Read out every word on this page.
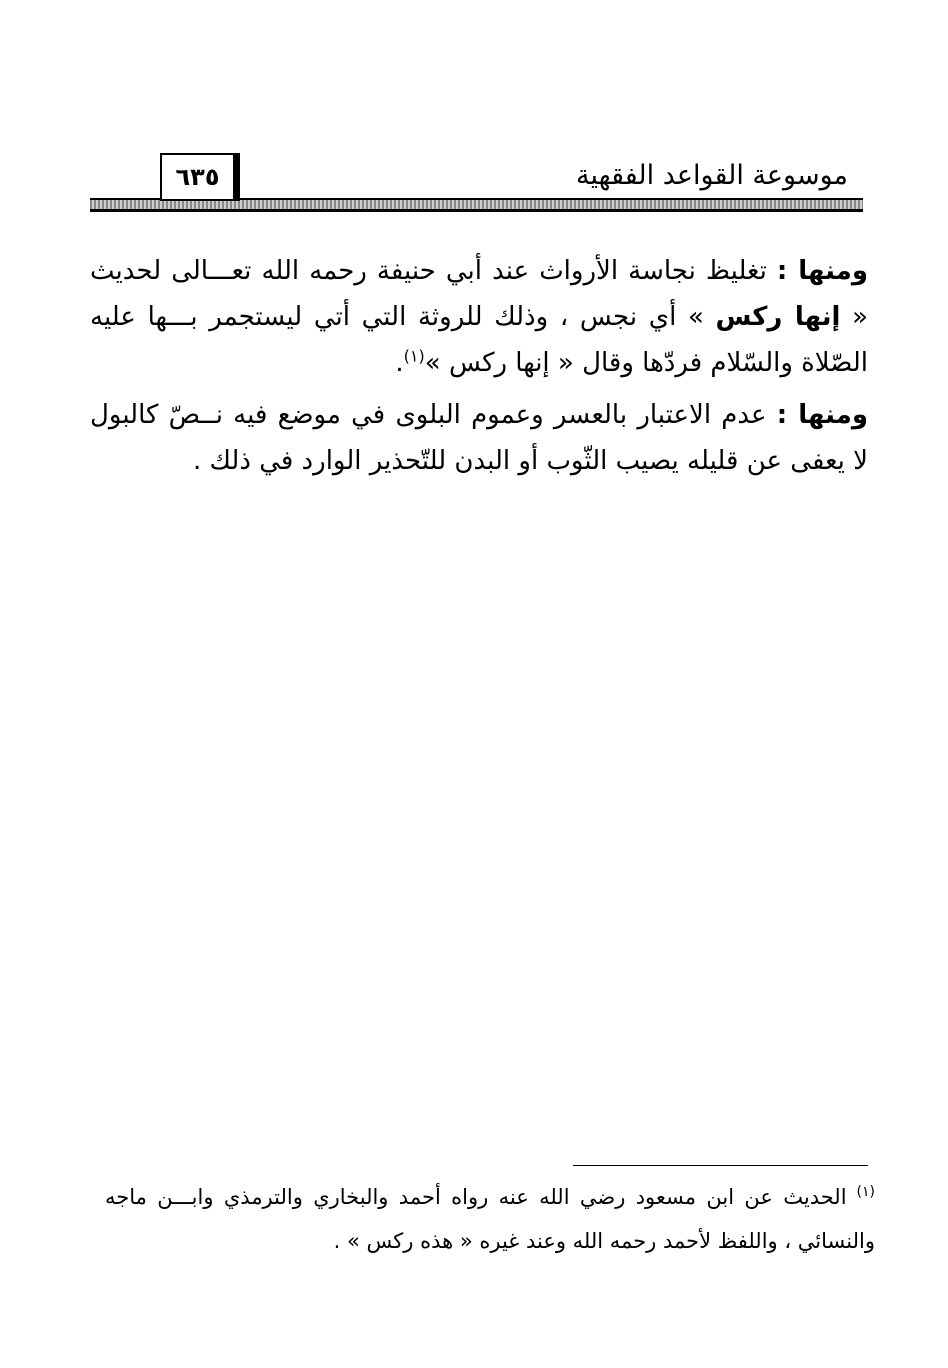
موسوعة القواعد الفقهية
٦٣٥

ومنها : تغليظ نجاسة الأرواث عند أبي حنيفة رحمه الله تعـــالى لحديث « إنها ركس » أي نجس ، وذلك للروثة التي أتي ليستجمر بـــها عليه الصّلاة والسّلام فردّها وقال « إنها ركس »$^{(١)}$.

ومنها : عدم الاعتبار بالعسر وعموم البلوى في موضع فيه نــصّ كالبول لا يعفى عن قليله يصيب الثّوب أو البدن للتّحذير الوارد في ذلك .

$^{(١)}$الحديث عن ابن مسعود رضي الله عنه رواه أحمد والبخاري والترمذي وابـــن ماجه والنسائي ، واللفظ لأحمد رحمه الله وعند غيره « هذه ركس » .
